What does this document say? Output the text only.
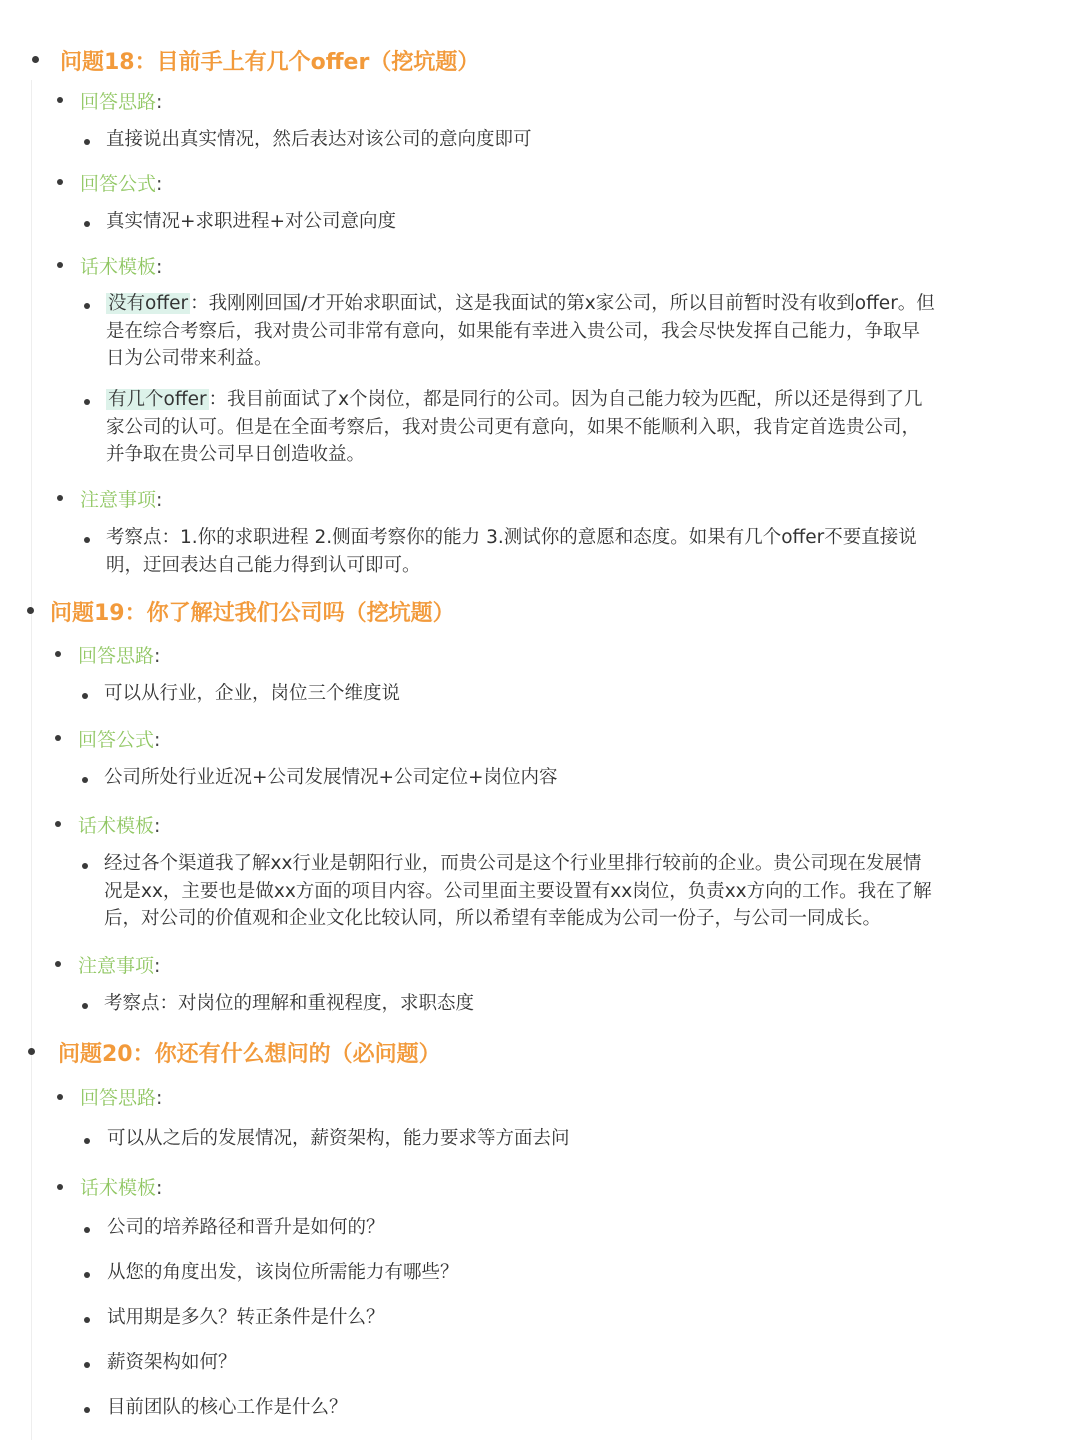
问题18：目前手上有几个offer（挖坑题）
回答思路:
直接说出真实情况，然后表达对该公司的意向度即可
回答公式:
真实情况+求职进程+对公司意向度
话术模板:
没有offer ：我刚刚回国/才开始求职面试，这是我面试的第x家公司，所以目前暂时没有收到offer。但
是在综合考察后，我对贵公司非常有意向，如果能有幸进入贵公司，我会尽快发挥自己能力，争取早
日为公司带来利益。
有几个offer ：我目前面试了x个岗位，都是同行的公司。因为自己能力较为匹配，所以还是得到了几
家公司的认可。但是在全面考察后，我对贵公司更有意向，如果不能顺利入职，我肯定首选贵公司，
并争取在贵公司早日创造收益。
注意事项:
考察点：1.你的求职进程 2.侧面考察你的能力 3.测试你的意愿和态度。如果有几个offer不要直接说
明，迂回表达自己能力得到认可即可。
问题19：你了解过我们公司吗（挖坑题）
回答思路:
可以从行业，企业，岗位三个维度说
回答公式:
公司所处行业近况+公司发展情况+公司定位+岗位内容
话术模板:
经过各个渠道我了解xx行业是朝阳行业，而贵公司是这个行业里排行较前的企业。贵公司现在发展情
况是xx，主要也是做xx方面的项目内容。公司里面主要设置有xx岗位，负责xx方向的工作。我在了解
后，对公司的价值观和企业文化比较认同，所以希望有幸能成为公司一份子，与公司一同成长。
注意事项:
考察点：对岗位的理解和重视程度，求职态度
问题20：你还有什么想问的（必问题）
回答思路:
可以从之后的发展情况，薪资架构，能力要求等方面去问
话术模板:
公司的培养路径和晋升是如何的？
从您的角度出发，该岗位所需能力有哪些？
试用期是多久？转正条件是什么？
薪资架构如何？
目前团队的核心工作是什么？
